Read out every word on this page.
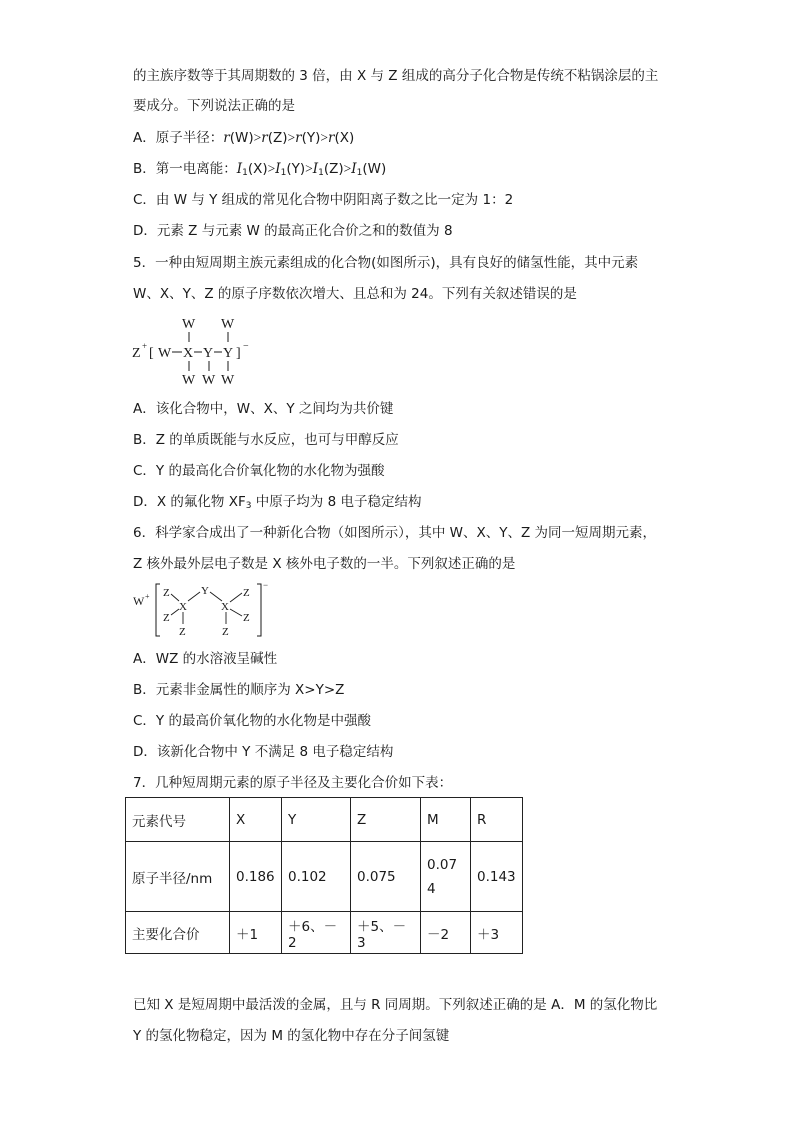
的主族序数等于其周期数的 3 倍，由 X 与 Z 组成的高分子化合物是传统不粘锅涂层的主
要成分。下列说法正确的是
A．原子半径：r(W)>r(Z)>r(Y)>r(X)
B．第一电离能：$I_1(X)>I_1(Y)>I_1(Z)>I_1(W)$
C．由 W 与 Y 组成的常见化合物中阴阳离子数之比一定为 1：2
D．元素 Z 与元素 W 的最高正化合价之和的数值为 8
5．一种由短周期主族元素组成的化合物(如图所示)，具有良好的储氢性能，其中元素
W、X、Y、Z 的原子序数依次增大、且总和为 24。下列有关叙述错误的是
W W
Z + [ W X Y Y ] −
W W W
A．该化合物中，W、X、Y 之间均为共价键
B．Z 的单质既能与水反应，也可与甲醇反应
C．Y 的最高化合价氧化物的水化物为强酸
D．X 的氟化物 $XF_3$ 中原子均为 8 电子稳定结构
6．科学家合成出了一种新化合物（如图所示），其中 W、X、Y、Z 为同一短周期元素，
Z 核外最外层电子数是 X 核外电子数的一半。下列叙述正确的是
W +
−
Z
X
Z
Z
Y
X
Z
Z
Z
A．WZ 的水溶液呈碱性
B．元素非金属性的顺序为 X>Y>Z
C．Y 的最高价氧化物的水化物是中强酸
D．该新化合物中 Y 不满足 8 电子稳定结构
7．几种短周期元素的原子半径及主要化合价如下表：
元素代号	X	Y	Z	M	R
原子半径/nm	0.186	0.102	0.075	0.074	0.143
主要化合价	＋1	＋6、－2	＋5、－3	－2	＋3
已知 X 是短周期中最活泼的金属，且与 R 同周期。下列叙述正确的是 A．M 的氢化物比
Y 的氢化物稳定，因为 M 的氢化物中存在分子间氢键
